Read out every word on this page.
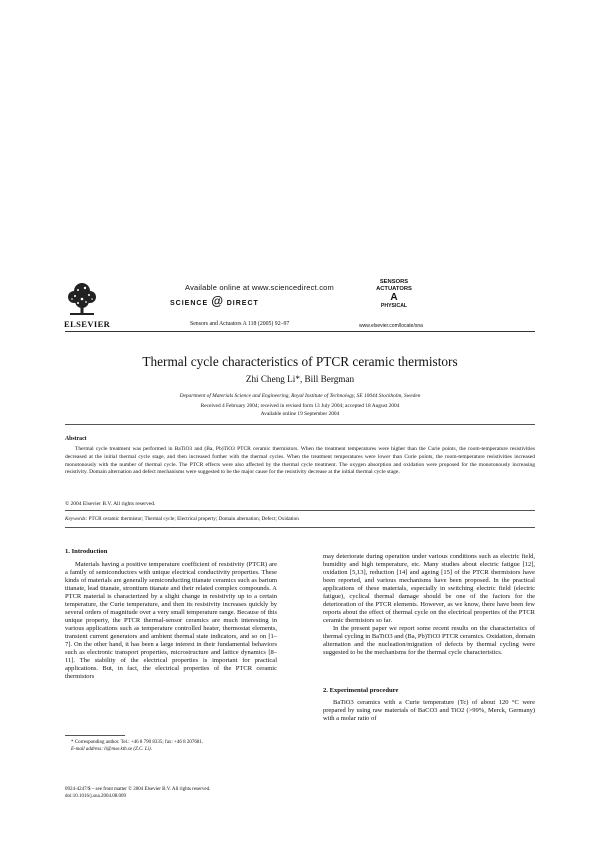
ELSEVIER
Available online at www.sciencedirect.com
SCIENCE @ DIRECT
Sensors and Actuators A 118 (2005) 92–97
SENSORS
ACTUATORS
A
PHYSICAL
www.elsevier.com/locate/sna
Thermal cycle characteristics of PTCR ceramic thermistors
Zhi Cheng Li*, Bill Bergman
Department of Materials Science and Engineering, Royal Institute of Technology, SE 10044 Stockholm, Sweden
Received 4 February 2004; received in revised form 13 July 2004; accepted 18 August 2004
Available online 19 September 2004
Abstract
Thermal cycle treatment was performed in BaTiO3 and (Ba, Pb)TiO3 PTCR ceramic thermistors. When the treatment temperatures were higher than the Curie points, the room-temperature resistivities decreased at the initial thermal cycle stage, and then increased further with the thermal cycles. When the treatment temperatures were lower than Curie points, the room-temperature resistivities increased monotonously with the number of thermal cycle. The PTCR effects were also affected by the thermal cycle treatment. The oxygen absorption and oxidation were proposed for the monotonously increasing resistivity. Domain alternation and defect mechanisms were suggested to be the major cause for the resistivity decrease at the initial thermal cycle stage.
© 2004 Elsevier B.V. All rights reserved.
Keywords: PTCR ceramic thermistor; Thermal cycle; Electrical property; Domain alternation; Defect; Oxidation
1. Introduction

Materials having a positive temperature coefficient of resistivity (PTCR) are a family of semiconductors with unique electrical conductivity properties. These kinds of materials are generally semiconducting titanate ceramics such as barium titanate, lead titanate, strontium titanate and their related complex compounds. A PTCR material is characterized by a slight change in resistivity up to a certain temperature, the Curie temperature, and then its resistivity increases quickly by several orders of magnitude over a very small temperature range. Because of this unique property, the PTCR thermal-sensor ceramics are much interesting in various applications such as temperature controlled heater, thermostat elements, transient current generators and ambient thermal state indicators, and so on [1–7]. On the other hand, it has been a large interest in their fundamental behaviors such as electronic transport properties, microstructure and lattice dynamics [8–11]. The stability of the electrical properties is important for practical applications. But, in fact, the electrical properties of the PTCR ceramic thermistors

may deteriorate during operation under various conditions such as electric field, humidity and high temperature, etc. Many studies about electric fatigue [12], oxidation [5,13], reduction [14] and ageing [15] of the PTCR thermistors have been reported, and various mechanisms have been proposed. In the practical applications of these materials, especially in switching electric field (electric fatigue), cyclical thermal damage should be one of the factors for the deterioration of the PTCR elements. However, as we know, there have been few reports about the effect of thermal cycle on the electrical properties of the PTCR ceramic thermistors so far.

In the present paper we report some recent results on the characteristics of thermal cycling in BaTiO3 and (Ba, Pb)TiO3 PTCR ceramics. Oxidation, domain alternation and the nucleation/migration of defects by thermal cycling were suggested to be the mechanisms for the thermal cycle characteristics.

2. Experimental procedure

BaTiO3 ceramics with a Curie temperature (Tc) of about 120 °C were prepared by using raw materials of BaCO3 and TiO2 (>99%, Merck, Germany) with a molar ratio of

* Corresponding author. Tel.: +46 8 790 8335; fax: +46 8 207681.

E-mail address: li@mse.kth.se (Z.C. Li).

0924-4247/$ – see front matter © 2004 Elsevier B.V. All rights reserved.
doi:10.1016/j.sna.2004.08.009
